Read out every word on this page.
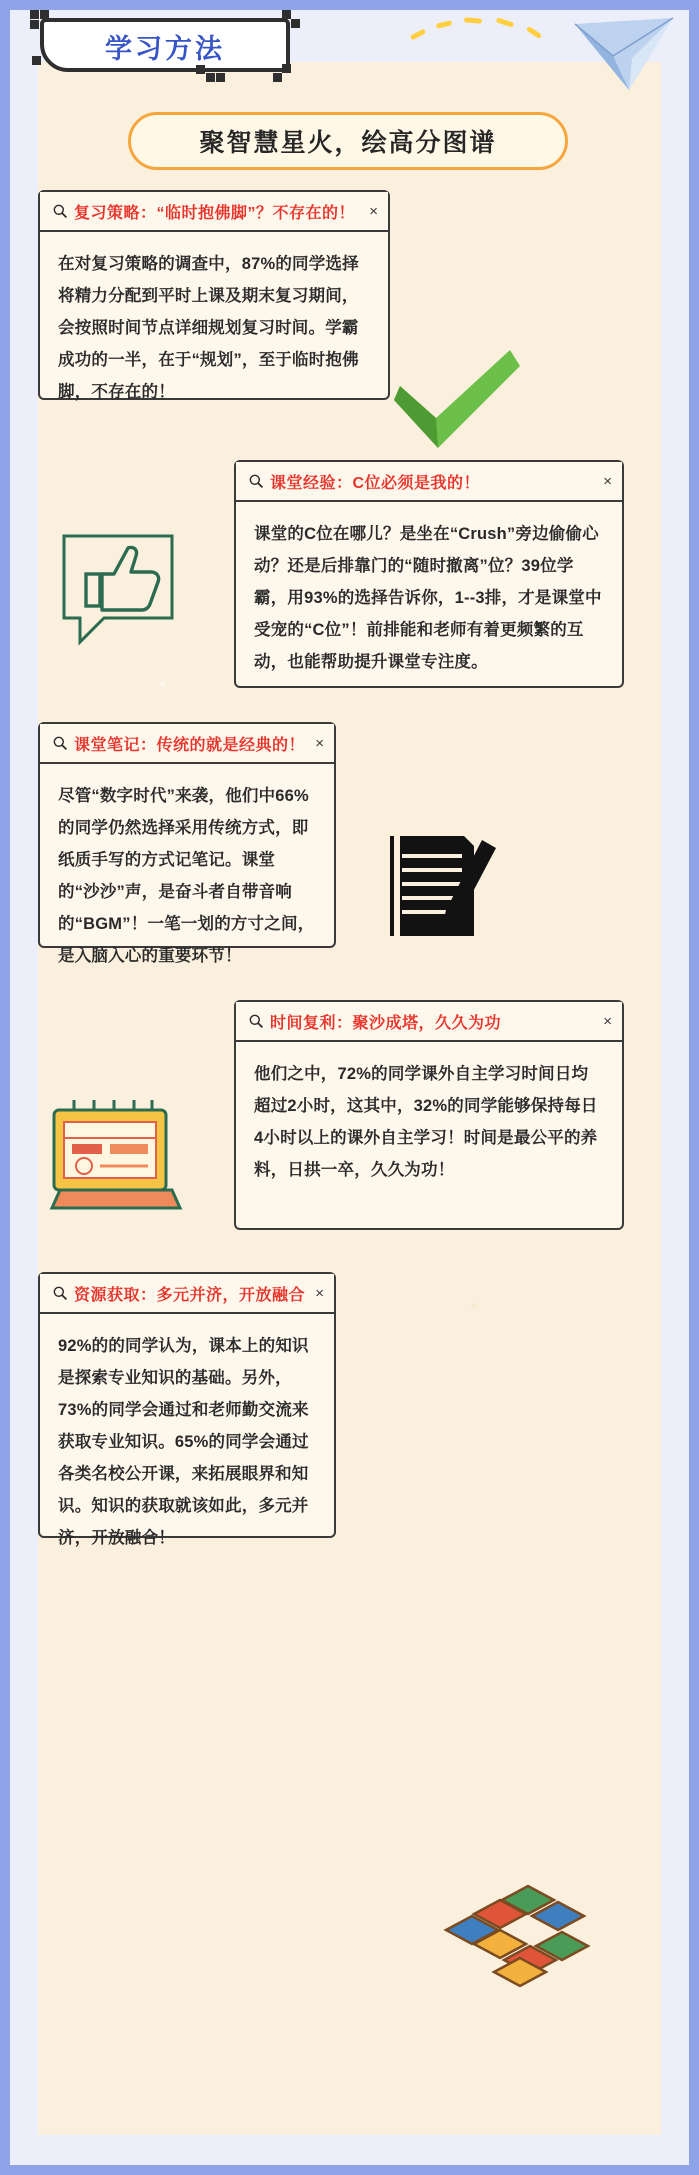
学习方法
聚智慧星火，绘高分图谱
复习策略：“临时抱佛脚”？不存在的！ ×
在对复习策略的调查中，87%的同学选择将精力分配到平时上课及期末复习期间，会按照时间节点详细规划复习时间。学霸成功的一半，在于“规划”，至于临时抱佛脚，不存在的！
课堂经验：C位必须是我的！	×
课堂的C位在哪儿？是坐在“Crush”旁边偷偷心动？还是后排靠门的“随时撤离”位？39位学霸，用93%的选择告诉你，1--3排，才是课堂中受宠的“C位”！前排能和老师有着更频繁的互动，也能帮助提升课堂专注度。
课堂笔记：传统的就是经典的！ ×
尽管“数字时代”来袭，他们中66%的同学仍然选择采用传统方式，即纸质手写的方式记笔记。课堂的“沙沙”声，是奋斗者自带音响的“BGM”！一笔一划的方寸之间，是入脑入心的重要环节！
时间复利：聚沙成塔，久久为功	×
他们之中，72%的同学课外自主学习时间日均超过2小时，这其中，32%的同学能够保持每日4小时以上的课外自主学习！时间是最公平的养料，日拱一卒，久久为功！
资源获取：多元并济，开放融合 ×
92%的的同学认为，课本上的知识是探索专业知识的基础。另外，73%的同学会通过和老师勤交流来获取专业知识。65%的同学会通过各类名校公开课，来拓展眼界和知识。知识的获取就该如此，多元并济，开放融合！
